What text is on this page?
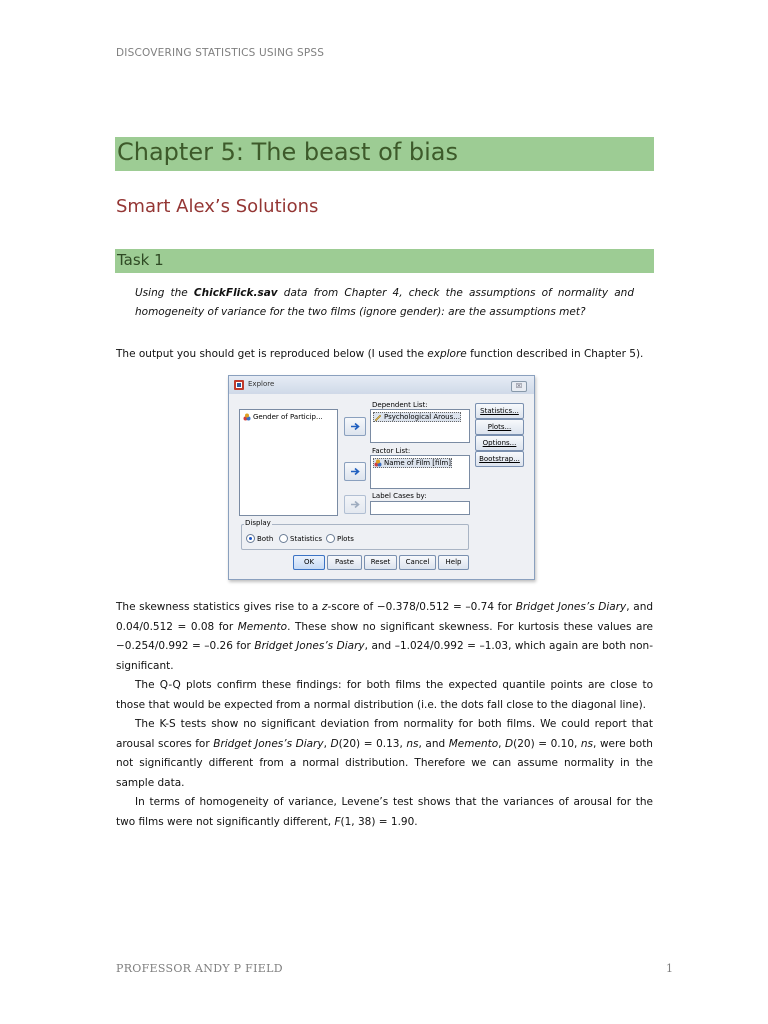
DISCOVERING STATISTICS USING SPSS
Chapter 5: The beast of bias
Smart Alex’s Solutions
Task 1
Using the ChickFlick.sav data from Chapter 4, check the assumptions of normality and homogeneity of variance for the two films (ignore gender): are the assumptions met?
The output you should get is reproduced below (I used the explore function described in Chapter 5).
Explore	☒
Gender of Particip...
Dependent List:
Psychological Arous...
Factor List:
Name of Film [film]
Label Cases by:
Statistics...
Plots...
Options...
Bootstrap...
Display
Both Statistics Plots
OK	Paste	Reset	Cancel	Help

The skewness statistics gives rise to a z-score of −0.378/0.512 = –0.74 for Bridget Jones’s Diary, and 0.04/0.512 = 0.08 for Memento. These show no significant skewness. For kurtosis these values are −0.254/0.992 = –0.26 for Bridget Jones’s Diary, and –1.024/0.992 = –1.03, which again are both non-significant.

The Q-Q plots confirm these findings: for both films the expected quantile points are close to those that would be expected from a normal distribution (i.e. the dots fall close to the diagonal line).

The K-S tests show no significant deviation from normality for both films. We could report that arousal scores for Bridget Jones’s Diary, D(20) = 0.13, ns, and Memento, D(20) = 0.10, ns, were both not significantly different from a normal distribution. Therefore we can assume normality in the sample data.

In terms of homogeneity of variance, Levene’s test shows that the variances of arousal for the two films were not significantly different, F(1, 38) = 1.90.

PROFESSOR ANDY P FIELD	1
